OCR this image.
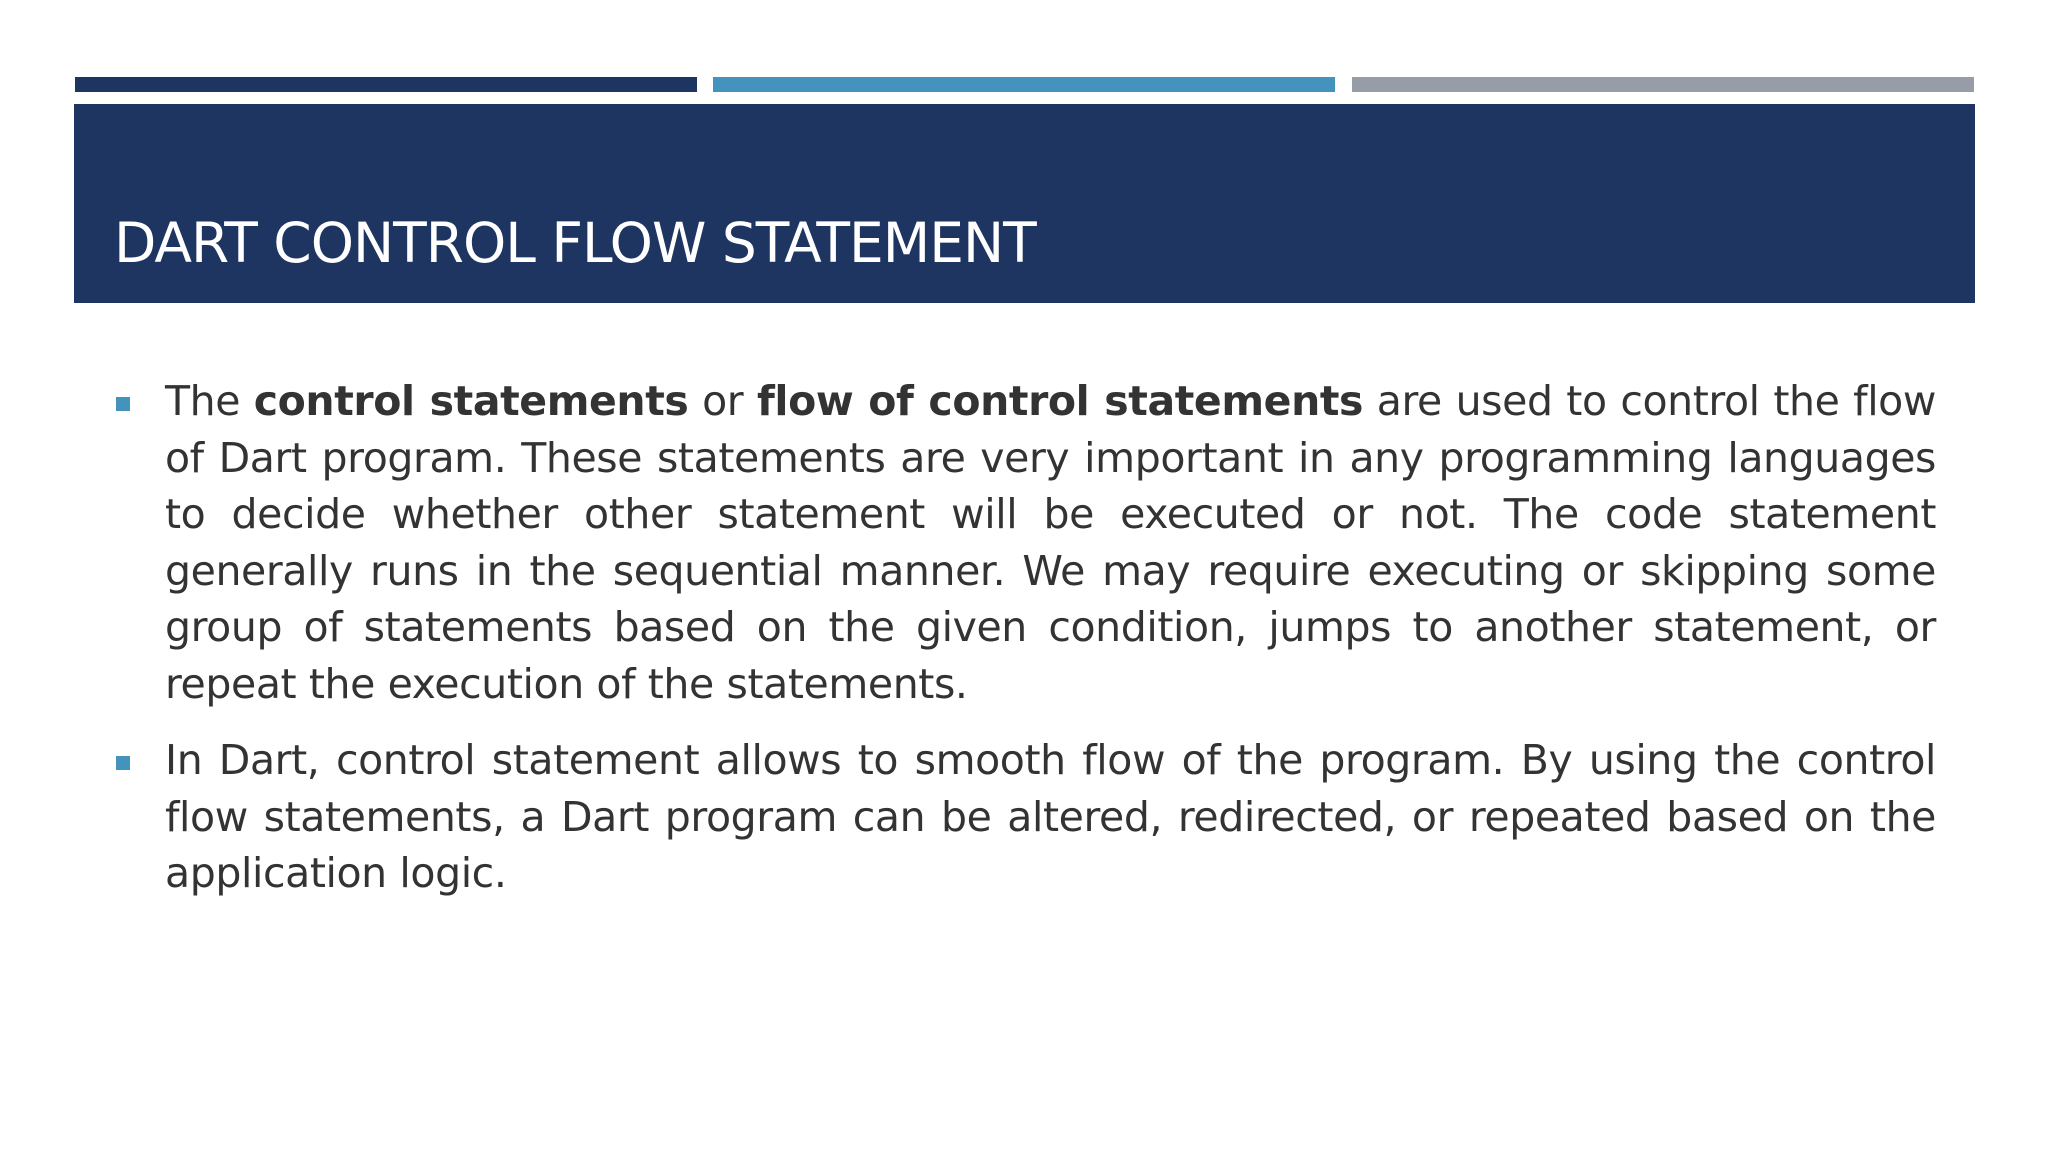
DART CONTROL FLOW STATEMENT

The control statements or flow of control statements are used to control the flow of Dart program. These statements are very important in any programming languages to decide whether other statement will be executed or not. The code statement generally runs in the sequential manner. We may require executing or skipping some group of statements based on the given condition, jumps to another statement, or repeat the execution of the statements.

In Dart, control statement allows to smooth flow of the program. By using the control flow statements, a Dart program can be altered, redirected, or repeated based on the application logic.
